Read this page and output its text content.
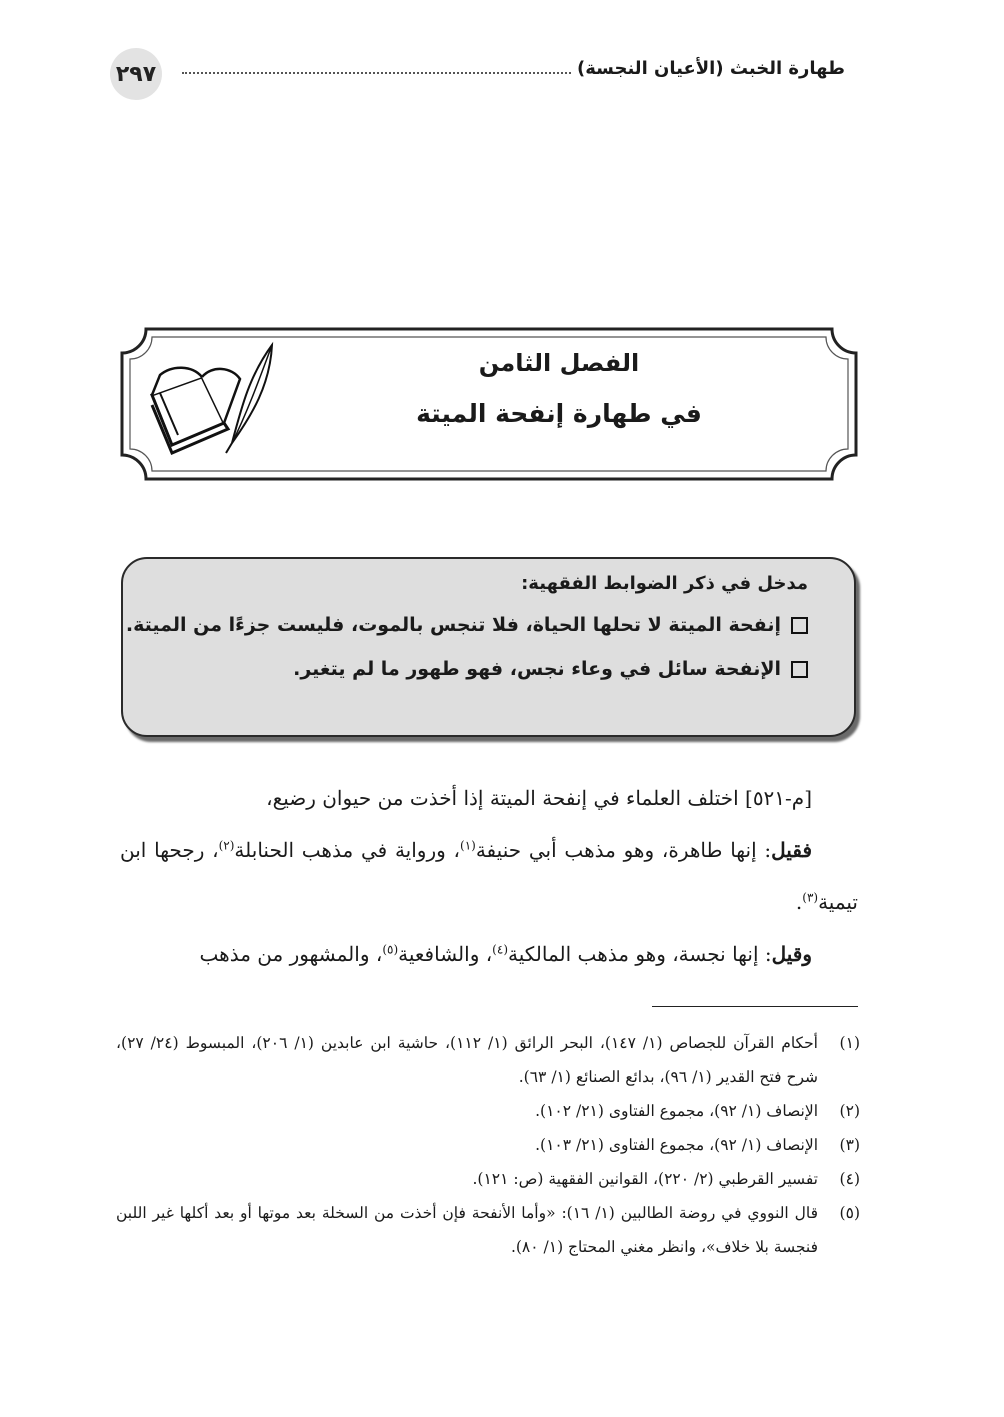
٢٩٧	طهارة الخبث (الأعيان النجسة)
الفصل الثامن
في طهارة إنفحة الميتة
مدخل في ذكر الضوابط الفقهية:
إنفحة الميتة لا تحلها الحياة، فلا تنجس بالموت، فليست جزءًا من الميتة.
الإنفحة سائل في وعاء نجس، فهو طهور ما لم يتغير.

[م-٥٢١] اختلف العلماء في إنفحة الميتة إذا أخذت من حيوان رضيع،

فقيل: إنها طاهرة، وهو مذهب أبي حنيفة$^{(١)}$، ورواية في مذهب الحنابلة$^{(٢)}$، رجحها ابن تيمية$^{(٣)}$.

وقيل: إنها نجسة، وهو مذهب المالكية$^{(٤)}$، والشافعية$^{(٥)}$، والمشهور من مذهب

(١)
أحكام القرآن للجصاص (١/ ١٤٧)، البحر الرائق (١/ ١١٢)، حاشية ابن عابدين (١/ ٢٠٦)، المبسوط (٢٤/ ٢٧)، شرح فتح القدير (١/ ٩٦)، بدائع الصنائع (١/ ٦٣).
(٢)
الإنصاف (١/ ٩٢)، مجموع الفتاوى (٢١/ ١٠٢).
(٣)
الإنصاف (١/ ٩٢)، مجموع الفتاوى (٢١/ ١٠٣).
(٤)
تفسير القرطبي (٢/ ٢٢٠)، القوانين الفقهية (ص: ١٢١).
(٥)
قال النووي في روضة الطالبين (١/ ١٦): «وأما الأنفحة فإن أخذت من السخلة بعد موتها أو بعد أكلها غير اللبن فنجسة بلا خلاف»، وانظر مغني المحتاج (١/ ٨٠).
